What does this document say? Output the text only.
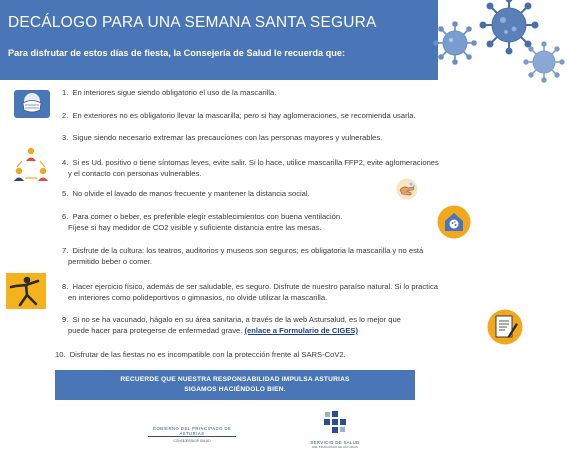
DECÁLOGO PARA UNA SEMANA SANTA SEGURA

Para disfrutar de estos días de fiesta, la Consejería de Salud le recuerda que:

1. En interiores sigue siendo obligatorio el uso de la mascarilla.
2. En exteriores no es obligatorio llevar la mascarilla; pero si hay aglomeraciones, se recomienda usarla.
3. Sigue siendo necesario extremar las precauciones con las personas mayores y vulnerables.
4. Si es Ud. positivo o tiene síntomas leves, evite salir. Si lo hace, utilice mascarilla FFP2, evite aglomeraciones
y el contacto con personas vulnerables.
5. No olvide el lavado de manos frecuente y mantener la distancia social.
6. Para comer o beber, es preferible elegir establecimientos con buena ventilación.
Fíjese si hay medidor de CO2 visible y suficiente distancia entre las mesas.
7. Disfrute de la cultura: los teatros, auditorios y museos son seguros; es obligatoria la mascarilla y no está
permitido beber o comer.
8. Hacer ejercicio físico, además de ser saludable, es seguro. Disfrute de nuestro paraíso natural. Si lo practica
en interiores como polideportivos o gimnasios, no olvide utilizar la mascarilla.
9. Si no se ha vacunado, hágalo en su área sanitaria, a través de la web Astursalud, es lo mejor que
puede hacer para protegerse de enfermedad grave. (enlace a Formulario de CIGES)
10. Disfrutar de las fiestas no es incompatible con la protección frente al SARS-CoV2.
RECUERDE QUE NUESTRA RESPONSABILIDAD IMPULSA ASTURIAS
SIGAMOS HACIÉNDOLO BIEN.
GOBIERNO DEL PRINCIPADO DE ASTURIAS
CONSEJERÍA DE SALUD	SERVICIO DE SALUD
DEL PRINCIPADO DE ASTURIAS
